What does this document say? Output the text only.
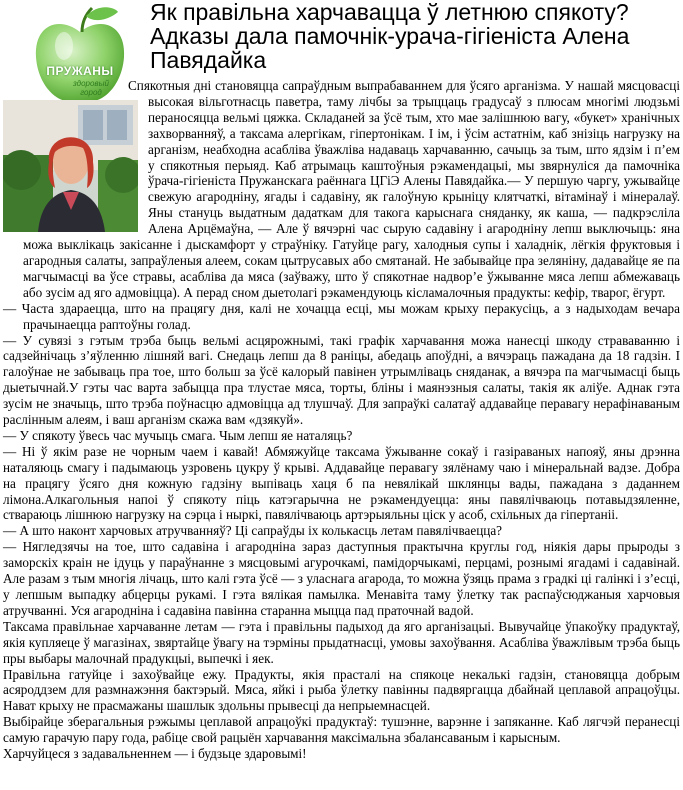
ПРУЖАНЫ
здоровый
город
Як правільна харчавацца ў летнюю спякоту? Адказы дала памочнік-урача-гігіеніста Алена Павядайка

Спякотныя дні становяцца сапраўдным выпрабаваннем для ўсяго арганізма. У нашай мясцовасці высокая вільготнасць паветра, таму лічбы за трыццаць градусаў з плюсам многімі людзьмі пераносяцца вельмі цяжка. Складаней за ўсё тым, хто мае залішнюю вагу, «букет» хранічных захворванняў, а таксама алергікам, гіпертонікам. І ім, і ўсім астатнім, каб знізіць нагрузку на арганізм, неабходна асабліва ўважліва надаваць харчаванню, сачыць за тым, што ядзім і п’ем у спякотныя перыяд. Каб атрымаць каштоўныя рэкамендацыі, мы звярнуліся да памочніка ўрача-гігіеніста Пружанскага раённага ЦГіЭ Алены Павядайка.— У першую чаргу, ужывайце свежую агародніну, ягады і садавіну, як галоўную крыніцу клятчаткі, вітамінаў і мінералаў. Яны стануць выдатным дадаткам для такога карыснага сняданку, як каша, — падкрэсліла Алена Арцёмаўна, — Але ў вячэрні час сырую садавіну і агародніну лепш выключыць: яна можа выклікаць закісанне і дыскамфорт у страўніку. Гатуйце рагу, халодныя супы і халаднік, лёгкія фруктовыя і агародныя салаты, запраўленыя алеем, сокам цытрусавых або смятанай. Не забывайце пра зеляніну, дадавайце яе па магчымасці ва ўсе стравы, асабліва да мяса (заўважу, што ў спякотнае надвор’е ўжыванне мяса лепш абмежаваць або зусім ад яго адмовіцца). А перад сном дыетолагі рэкамендуюць кісламалочныя прадукты: кефір, тварог, ёгурт.

— Часта здараецца, што на працягу дня, калі не хочацца есці, мы можам крыху перакусіць, а з надыходам вечара прачынаецца раптоўны голад.

— У сувязі з гэтым трэба быць вельмі асцярожнымі, такі графік харчавання можа нанесці шкоду страваванню і садзейнічаць з’яўленню лішняй вагі. Снедаць лепш да 8 раніцы, абедаць апоўдні, а вячэраць пажадана да 18 гадзін. І галоўнае не забываць пра тое, што больш за ўсё калорый павінен утрымліваць сняданак, а вячэра па магчымасці быць дыетычнай.У гэты час варта забыцца пра тлустае мяса, торты, бліны і маянэзныя салаты, такія як аліўе. Аднак гэта зусім не значыць, што трэба поўнасцю адмовіцца ад тлушчаў. Для запраўкі салатаў аддавайце перавагу нерафінаваным раслінным алеям, і ваш арганізм скажа вам «дзякуй».

— У спякоту ўвесь час мучыць смага. Чым лепш яе наталяць?

— Ні ў якім разе не чорным чаем і кавай! Абмяжуйце таксама ўжыванне сокаў і газіраваных напояў, яны дрэнна наталяюць смагу і падымаюць узровень цукру ў крыві. Аддавайце перавагу зялёнаму чаю і мінеральнай вадзе. Добра на працягу ўсяго дня кожную гадзіну выпіваць хаця б па невялікай шклянцы вады, пажадана з даданнем лімона.Алкагольныя напоі ў спякоту піць катэгарычна не рэкамендуецца: яны павялічваюць потавыдзяленне, ствараюць лішнюю нагрузку на сэрца і ныркі, павялічваюць артэрыяльны ціск у асоб, схільных да гіпертаніі.

— А што наконт харчовых атручванняў? Ці сапраўды іх колькасць летам павялічваецца?

— Нягледзячы на тое, што садавіна і агародніна зараз даступныя практычна круглы год, ніякія дары прыроды з заморскіх краін не ідуць у параўнанне з мясцовымі агурочкамі, памідорчыкамі, перцамі, рознымі ягадамі і садавінай. Але разам з тым многія лічаць, што калі гэта ўсё — з уласнага агарода, то можна ўзяць прама з градкі ці галінкі і з’есці, у лепшым выпадку абцерцы рукамі. І гэта вялікая памылка. Менавіта таму ўлетку так распаўсюджаныя харчовыя атручванні. Уся агародніна і садавіна павінна старанна мыцца пад праточнай вадой.

Таксама правільнае харчаванне летам — гэта і правільны падыход да яго арганізацыі. Вывучайце ўпакоўку прадуктаў, якія купляеце ў магазінах, звяртайце ўвагу на тэрміны прыдатнасці, умовы захоўвання. Асабліва ўважлівым трэба быць пры выбары малочнай прадукцыі, выпечкі і яек.

Правільна гатуйце і захоўвайце ежу. Прадукты, якія прасталі на спякоце некалькі гадзін, становяцца добрым асяроддзем для размнажэння бактэрый. Мяса, яйкі і рыба ўлетку павінны падвяргацца дбайнай цеплавой апрацоўцы. Нават крыху не прасмажаны шашлык здольны прывесці да непрыемнасцей.

Выбірайце зберагальныя рэжымы цеплавой апрацоўкі прадуктаў: тушэнне, варэнне і запяканне. Каб лягчэй перанесці самую гарачую пару года, рабіце свой рацыён харчавання максімальна збалансаваным і карысным.

Харчуйцеся з задавальненнем — і будзьце здаровымі!
